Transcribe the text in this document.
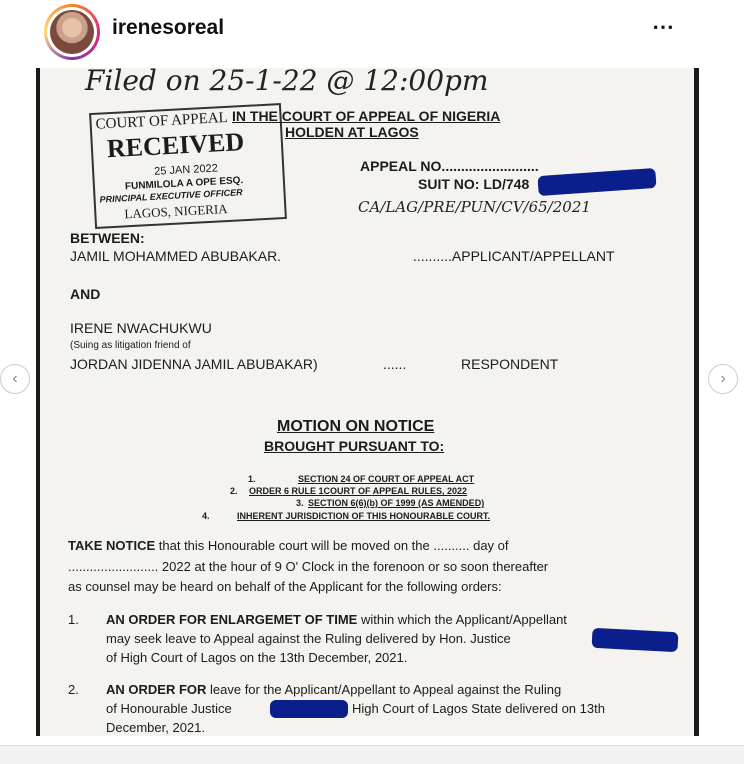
irenesoreal	⋯
‹	›
Filed on 25-1-22 @ 12:00pm
COURT OF APPEAL
RECEIVED
25 JAN 2022
FUNMILOLA A OPE ESQ.
PRINCIPAL EXECUTIVE OFFICER
LAGOS, NIGERIA
IN THE COURT OF APPEAL OF NIGERIA
HOLDEN AT LAGOS
APPEAL NO.........................
SUIT NO: LD/748
CA/LAG/PRE/PUN/CV/65/2021
BETWEEN:
JAMIL MOHAMMED ABUBAKAR.	..........APPLICANT/APPELLANT
AND
IRENE NWACHUKWU
(Suing as litigation friend of
JORDAN JIDENNA JAMIL ABUBAKAR)	......	RESPONDENT
MOTION ON NOTICE
BROUGHT PURSUANT TO:
1.	SECTION 24 OF COURT OF APPEAL ACT
2. ORDER 6 RULE 1COURT OF APPEAL RULES, 2022
3. SECTION 6(6)(b) OF 1999 (AS AMENDED)
4.	INHERENT JURISDICTION OF THIS HONOURABLE COURT.
TAKE NOTICE that this Honourable court will be moved on the .......... day of
......................... 2022 at the hour of 9 O' Clock in the forenoon or so soon thereafter
as counsel may be heard on behalf of the Applicant for the following orders:
1. AN ORDER FOR ENLARGEMET OF TIME within which the Applicant/Appellant
may seek leave to Appeal against the Ruling delivered by Hon. Justice
of High Court of Lagos on the 13th December, 2021.
2. AN ORDER FOR leave for the Applicant/Appellant to Appeal against the Ruling
of Honourable Justice	High Court of Lagos State delivered on 13th
December, 2021.
